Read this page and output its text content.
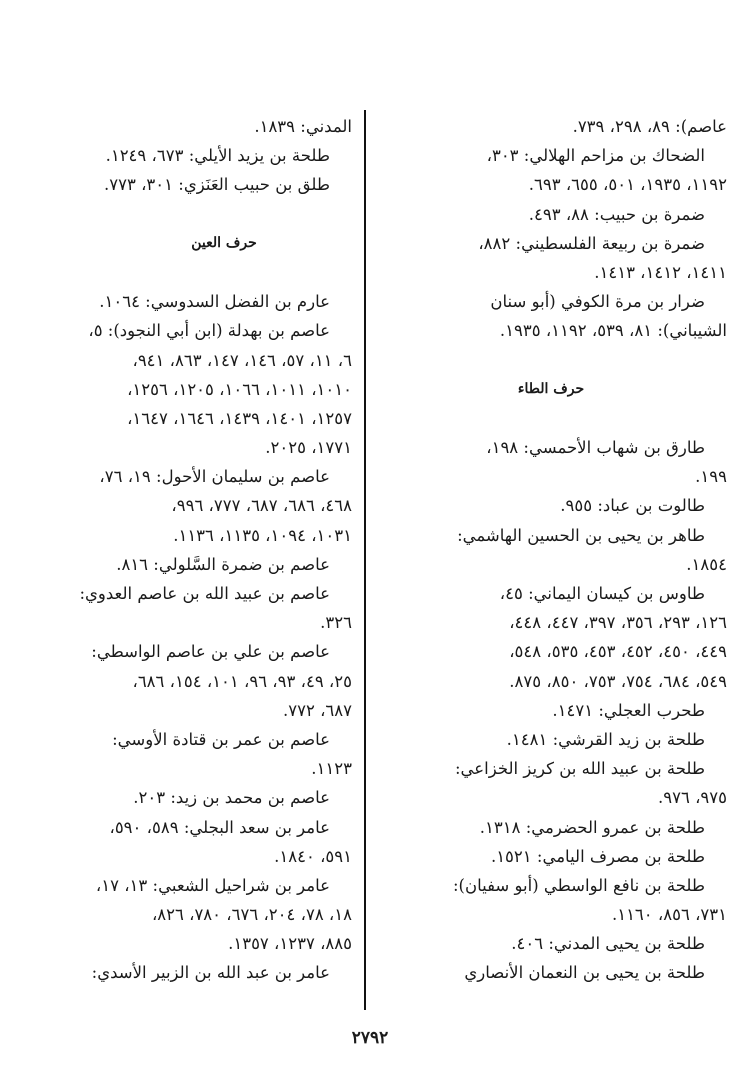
عاصم): ٨٩، ٢٩٨، ٧٣٩.
الضحاك بن مزاحم الهلالي: ٣٠٣،
١١٩٢، ١٩٣٥، ٥٠١، ٦٥٥، ٦٩٣.
ضمرة بن حبيب: ٨٨، ٤٩٣.
ضمرة بن ربيعة الفلسطيني: ٨٨٢،
١٤١١، ١٤١٢، ١٤١٣.
ضرار بن مرة الكوفي (أبو سنان
الشيباني): ٨١، ٥٣٩، ١١٩٢، ١٩٣٥.
حرف الطاء
طارق بن شهاب الأحمسي: ١٩٨،
١٩٩.
طالوت بن عباد: ٩٥٥.
طاهر بن يحيى بن الحسين الهاشمي:
١٨٥٤.
طاوس بن كيسان اليماني: ٤٥،
١٢٦، ٢٩٣، ٣٥٦، ٣٩٧، ٤٤٧، ٤٤٨،
٤٤٩، ٤٥٠، ٤٥٢، ٤٥٣، ٥٣٥، ٥٤٨،
٥٤٩، ٦٨٤، ٧٥٤، ٧٥٣، ٨٥٠، ٨٧٥.
طحرب العجلي: ١٤٧١.
طلحة بن زيد القرشي: ١٤٨١.
طلحة بن عبيد الله بن كريز الخزاعي:
٩٧٥، ٩٧٦.
طلحة بن عمرو الحضرمي: ١٣١٨.
طلحة بن مصرف اليامي: ١٥٢١.
طلحة بن نافع الواسطي (أبو سفيان):
٧٣١، ٨٥٦، ١١٦٠.
طلحة بن يحيى المدني: ٤٠٦.
طلحة بن يحيى بن النعمان الأنصاري
المدني: ١٨٣٩.
طلحة بن يزيد الأيلي: ٦٧٣، ١٢٤٩.
طلق بن حبيب العَنَزي: ٣٠١، ٧٧٣.
حرف العين
عارم بن الفضل السدوسي: ١٠٦٤.
عاصم بن بهدلة (ابن أبي النجود): ٥،
٦، ١١، ٥٧، ١٤٦، ١٤٧، ٨٦٣، ٩٤١،
١٠١٠، ١٠١١، ١٠٦٦، ١٢٠٥، ١٢٥٦،
١٢٥٧، ١٤٠١، ١٤٣٩، ١٦٤٦، ١٦٤٧،
١٧٧١، ٢٠٢٥.
عاصم بن سليمان الأحول: ١٩، ٧٦،
٤٦٨، ٦٨٦، ٦٨٧، ٧٧٧، ٩٩٦،
١٠٣١، ١٠٩٤، ١١٣٥، ١١٣٦.
عاصم بن ضمرة السَّلولي: ٨١٦.
عاصم بن عبيد الله بن عاصم العدوي:
٣٢٦.
عاصم بن علي بن عاصم الواسطي:
٢٥، ٤٩، ٩٣، ٩٦، ١٠١، ١٥٤، ٦٨٦،
٦٨٧، ٧٧٢.
عاصم بن عمر بن قتادة الأوسي:
١١٢٣.
عاصم بن محمد بن زيد: ٢٠٣.
عامر بن سعد البجلي: ٥٨٩، ٥٩٠،
٥٩١، ١٨٤٠.
عامر بن شراحيل الشعبي: ١٣، ١٧،
١٨، ٧٨، ٢٠٤، ٦٧٦، ٧٨٠، ٨٢٦،
٨٨٥، ١٢٣٧، ١٣٥٧.
عامر بن عبد الله بن الزبير الأسدي:
٢٧٩٢
